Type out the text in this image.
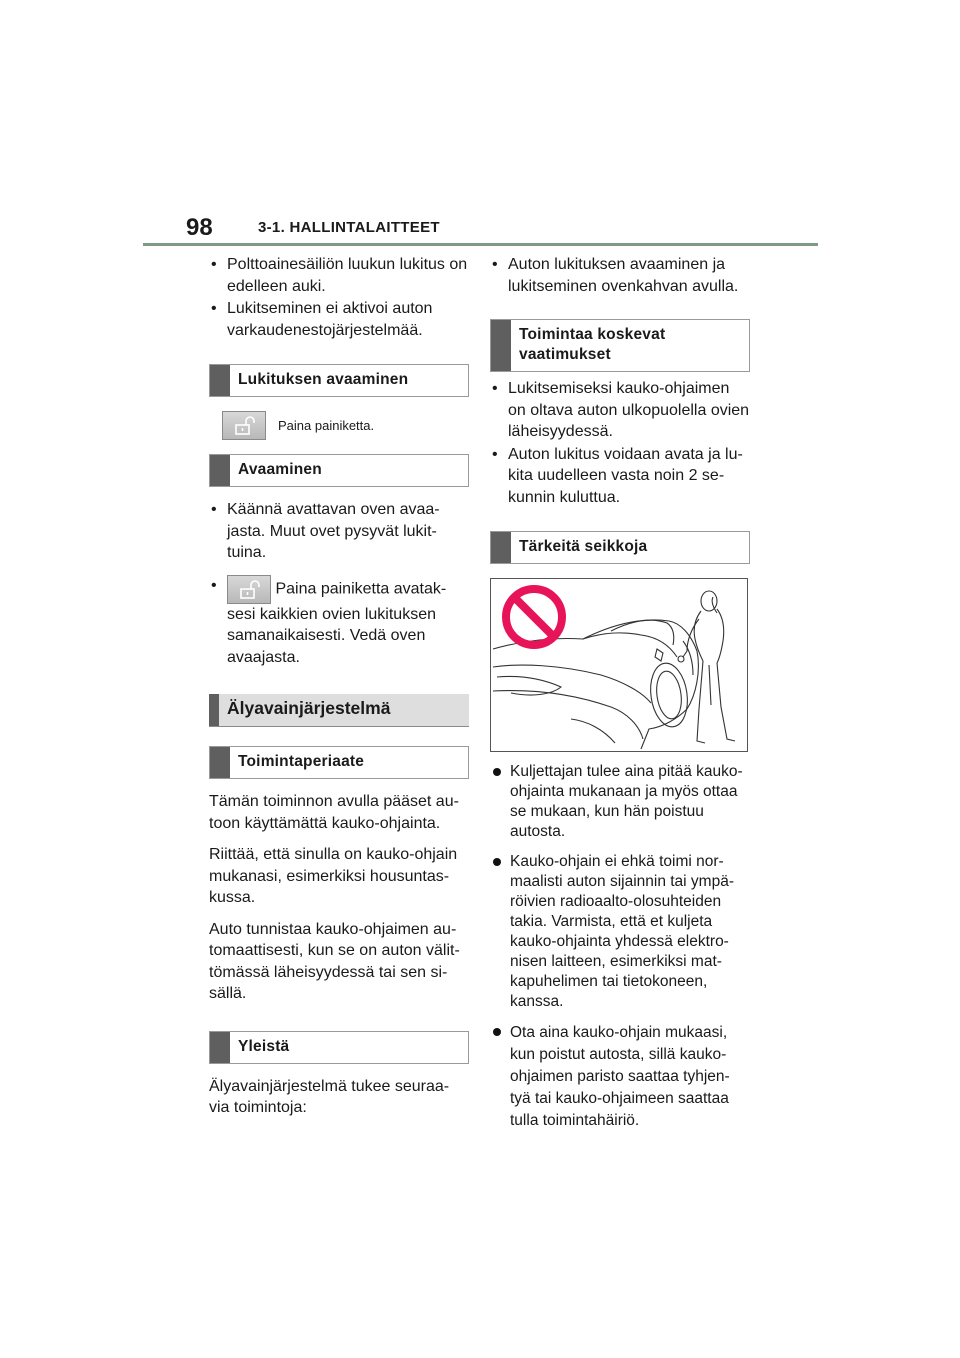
98	3-1. HALLINTALAITTEET
• Polttoainesäiliön luukun lukitus on edelleen auki.
• Lukitseminen ei aktivoi auton varkaudenestojärjestelmää.
Lukituksen avaaminen
Paina painiketta.
Avaaminen
• Käännä avattavan oven avaa-jasta. Muut ovet pysyvät lukit-tuina.
• Paina painiketta avatak-sesi kaikkien ovien lukituksen samanaikaisesti. Vedä oven avaajasta.
Älyavainjärjestelmä
Toimintaperiaate

Tämän toiminnon avulla pääset au-toon käyttämättä kauko-ohjainta.

Riittää, että sinulla on kauko-ohjain mukanasi, esimerkiksi housuntas-kussa.

Auto tunnistaa kauko-ohjaimen au-tomaattisesti, kun se on auton välit-tömässä läheisyydessä tai sen si-sällä.

Yleistä

Älyavainjärjestelmä tukee seuraa-via toimintoja:

• Auton lukituksen avaaminen ja lukitseminen ovenkahvan avulla.
Toimintaa koskevat vaatimukset
• Lukitsemiseksi kauko-ohjaimen on oltava auton ulkopuolella ovien läheisyydessä.
• Auton lukitus voidaan avata ja lu-kita uudelleen vasta noin 2 se-kunnin kuluttua.
Tärkeitä seikkoja
Kuljettajan tulee aina pitää kauko-ohjainta mukanaan ja myös ottaa se mukaan, kun hän poistuu autosta.
Kauko-ohjain ei ehkä toimi nor-maalisti auton sijainnin tai ympä-röivien radioaalto-olosuhteiden takia. Varmista, että et kuljeta kauko-ohjainta yhdessä elektro-nisen laitteen, esimerkiksi mat-kapuhelimen tai tietokoneen, kanssa.
Ota aina kauko-ohjain mukaasi, kun poistut autosta, sillä kauko-ohjaimen paristo saattaa tyhjen-tyä tai kauko-ohjaimeen saattaa tulla toimintahäiriö.
